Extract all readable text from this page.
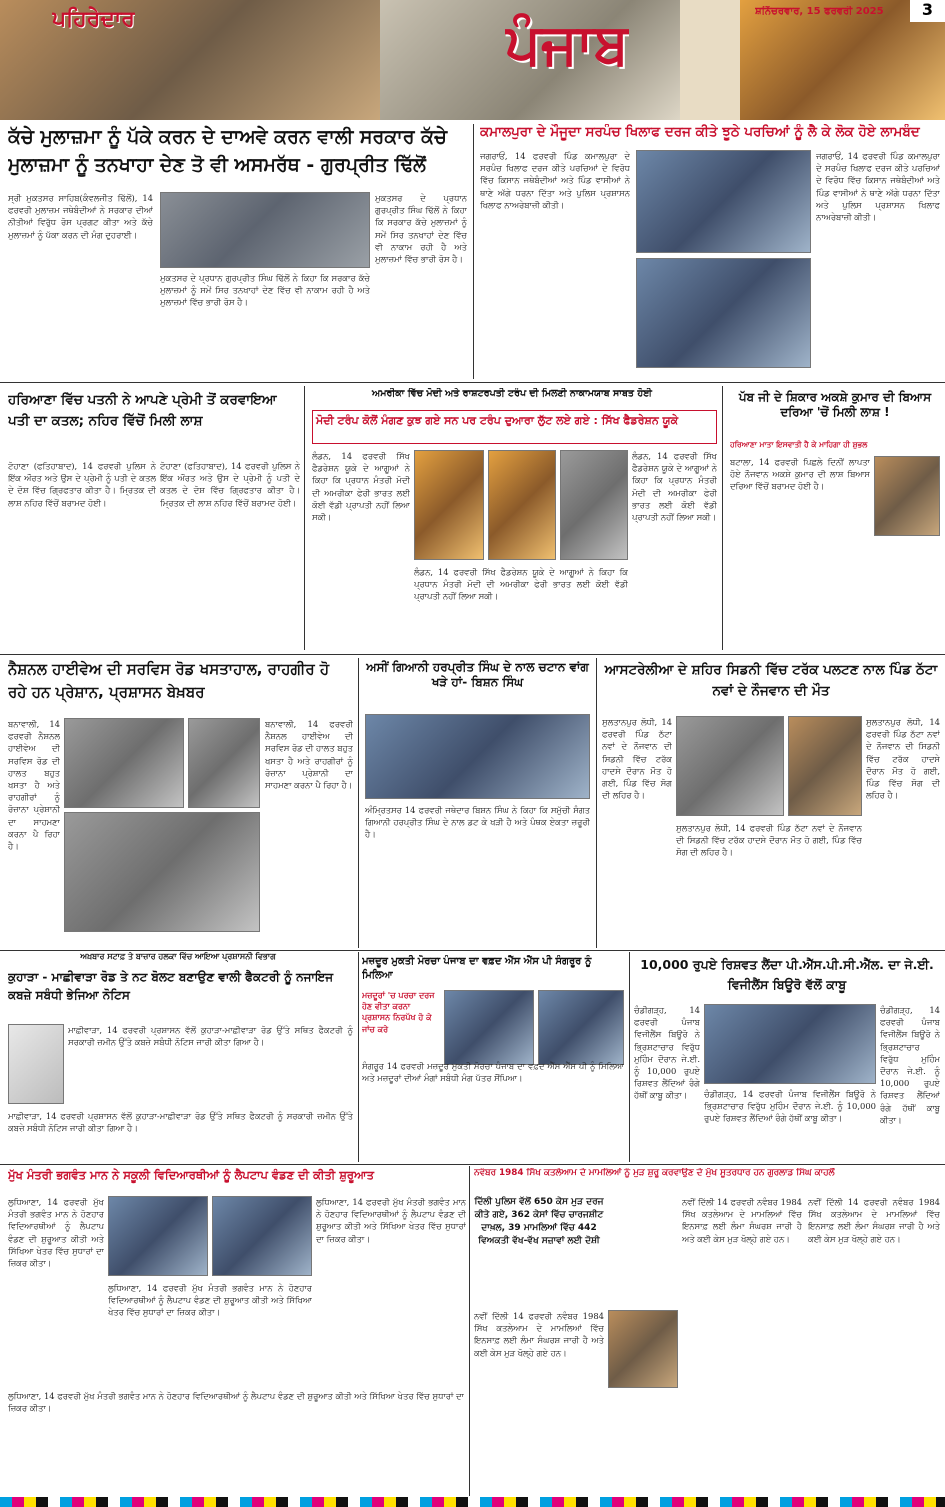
ਪਹਿਰੇਦਾਰ	ਪੰਜਾਬ
ਸ਼ਨਿੱਚਰਵਾਰ, 15 ਫਰਵਰੀ 2025	3
ਕੱਚੇ ਮੁਲਾਜ਼ਮਾ ਨੂੰ ਪੱਕੇ ਕਰਨ ਦੇ ਦਾਅਵੇ ਕਰਨ ਵਾਲੀ ਸਰਕਾਰ ਕੱਚੇ ਮੁਲਾਜ਼ਮਾ ਨੂੰ ਤਨਖਾਹਾ ਦੇਣ ਤੋ ਵੀ ਅਸਮਰੱਥ - ਗੁਰਪ੍ਰੀਤ ਢਿੱਲੋਂ
ਸ੍ਰੀ ਮੁਕਤਸਰ ਸਾਹਿਬ(ਕੰਵਲਜੀਤ ਢਿੱਲੋਂ), 14 ਫਰਵਰੀ ਮੁਲਾਜ਼ਮ ਜਥੇਬੰਦੀਆਂ ਨੇ ਸਰਕਾਰ ਦੀਆਂ ਨੀਤੀਆਂ ਵਿਰੁੱਧ ਰੋਸ ਪ੍ਰਗਟ ਕੀਤਾ ਅਤੇ ਕੱਚੇ ਮੁਲਾਜ਼ਮਾਂ ਨੂੰ ਪੱਕਾ ਕਰਨ ਦੀ ਮੰਗ ਦੁਹਰਾਈ।
ਮੁਕਤਸਰ ਦੇ ਪ੍ਰਧਾਨ ਗੁਰਪ੍ਰੀਤ ਸਿੰਘ ਢਿੱਲੋਂ ਨੇ ਕਿਹਾ ਕਿ ਸਰਕਾਰ ਕੱਚੇ ਮੁਲਾਜ਼ਮਾਂ ਨੂੰ ਸਮੇਂ ਸਿਰ ਤਨਖਾਹਾਂ ਦੇਣ ਵਿੱਚ ਵੀ ਨਾਕਾਮ ਰਹੀ ਹੈ ਅਤੇ ਮੁਲਾਜ਼ਮਾਂ ਵਿੱਚ ਭਾਰੀ ਰੋਸ ਹੈ।
ਮੁਕਤਸਰ ਦੇ ਪ੍ਰਧਾਨ ਗੁਰਪ੍ਰੀਤ ਸਿੰਘ ਢਿੱਲੋਂ ਨੇ ਕਿਹਾ ਕਿ ਸਰਕਾਰ ਕੱਚੇ ਮੁਲਾਜ਼ਮਾਂ ਨੂੰ ਸਮੇਂ ਸਿਰ ਤਨਖਾਹਾਂ ਦੇਣ ਵਿੱਚ ਵੀ ਨਾਕਾਮ ਰਹੀ ਹੈ ਅਤੇ ਮੁਲਾਜ਼ਮਾਂ ਵਿੱਚ ਭਾਰੀ ਰੋਸ ਹੈ।
ਕਮਾਲਪੁਰਾ ਦੇ ਮੌਜੂਦਾ ਸਰਪੰਚ ਖਿਲਾਫ ਦਰਜ ਕੀਤੇ ਝੂਠੇ ਪਰਚਿਆਂ ਨੂੰ ਲੈ ਕੇ ਲੋਕ ਹੋਏ ਲਾਮਬੰਦ
ਜਗਰਾਓਂ, 14 ਫਰਵਰੀ ਪਿੰਡ ਕਮਾਲਪੁਰਾ ਦੇ ਸਰਪੰਚ ਖਿਲਾਫ ਦਰਜ ਕੀਤੇ ਪਰਚਿਆਂ ਦੇ ਵਿਰੋਧ ਵਿੱਚ ਕਿਸਾਨ ਜਥੇਬੰਦੀਆਂ ਅਤੇ ਪਿੰਡ ਵਾਸੀਆਂ ਨੇ ਥਾਣੇ ਅੱਗੇ ਧਰਨਾ ਦਿੱਤਾ ਅਤੇ ਪੁਲਿਸ ਪ੍ਰਸ਼ਾਸਨ ਖਿਲਾਫ ਨਾਅਰੇਬਾਜ਼ੀ ਕੀਤੀ।
ਜਗਰਾਓਂ, 14 ਫਰਵਰੀ ਪਿੰਡ ਕਮਾਲਪੁਰਾ ਦੇ ਸਰਪੰਚ ਖਿਲਾਫ ਦਰਜ ਕੀਤੇ ਪਰਚਿਆਂ ਦੇ ਵਿਰੋਧ ਵਿੱਚ ਕਿਸਾਨ ਜਥੇਬੰਦੀਆਂ ਅਤੇ ਪਿੰਡ ਵਾਸੀਆਂ ਨੇ ਥਾਣੇ ਅੱਗੇ ਧਰਨਾ ਦਿੱਤਾ ਅਤੇ ਪੁਲਿਸ ਪ੍ਰਸ਼ਾਸਨ ਖਿਲਾਫ ਨਾਅਰੇਬਾਜ਼ੀ ਕੀਤੀ।
ਹਰਿਆਣਾ ਵਿੱਚ ਪਤਨੀ ਨੇ ਆਪਣੇ ਪ੍ਰੇਮੀ ਤੋਂ ਕਰਵਾਇਆ ਪਤੀ ਦਾ ਕਤਲ; ਨਹਿਰ ਵਿੱਚੋਂ ਮਿਲੀ ਲਾਸ਼
ਟੋਹਾਣਾ (ਫਤਿਹਾਬਾਦ), 14 ਫਰਵਰੀ ਪੁਲਿਸ ਨੇ ਇੱਕ ਔਰਤ ਅਤੇ ਉਸ ਦੇ ਪ੍ਰੇਮੀ ਨੂੰ ਪਤੀ ਦੇ ਕਤਲ ਦੇ ਦੋਸ਼ ਵਿੱਚ ਗ੍ਰਿਫਤਾਰ ਕੀਤਾ ਹੈ। ਮ੍ਰਿਤਕ ਦੀ ਲਾਸ਼ ਨਹਿਰ ਵਿੱਚੋਂ ਬਰਾਮਦ ਹੋਈ।
ਟੋਹਾਣਾ (ਫਤਿਹਾਬਾਦ), 14 ਫਰਵਰੀ ਪੁਲਿਸ ਨੇ ਇੱਕ ਔਰਤ ਅਤੇ ਉਸ ਦੇ ਪ੍ਰੇਮੀ ਨੂੰ ਪਤੀ ਦੇ ਕਤਲ ਦੇ ਦੋਸ਼ ਵਿੱਚ ਗ੍ਰਿਫਤਾਰ ਕੀਤਾ ਹੈ। ਮ੍ਰਿਤਕ ਦੀ ਲਾਸ਼ ਨਹਿਰ ਵਿੱਚੋਂ ਬਰਾਮਦ ਹੋਈ।
ਅਮਰੀਕਾ ਵਿੱਚ ਮੋਦੀ ਅਤੇ ਰਾਸ਼ਟਰਪਤੀ ਟਰੰਪ ਦੀ ਮਿਲਣੀ ਨਾਕਾਮਯਾਬ ਸਾਬਤ ਹੋਈ
ਮੋਦੀ ਟਰੰਪ ਕੋਲੋਂ ਮੰਗਣ ਕੁਝ ਗਏ ਸਨ ਪਰ ਟਰੰਪ ਦੁਆਰਾ ਲੁੱਟ ਲਏ ਗਏ : ਸਿੱਖ ਫੈਡਰੇਸ਼ਨ ਯੂਕੇ
ਲੰਡਨ, 14 ਫਰਵਰੀ ਸਿੱਖ ਫੈਡਰੇਸ਼ਨ ਯੂਕੇ ਦੇ ਆਗੂਆਂ ਨੇ ਕਿਹਾ ਕਿ ਪ੍ਰਧਾਨ ਮੰਤਰੀ ਮੋਦੀ ਦੀ ਅਮਰੀਕਾ ਫੇਰੀ ਭਾਰਤ ਲਈ ਕੋਈ ਵੱਡੀ ਪ੍ਰਾਪਤੀ ਨਹੀਂ ਲਿਆ ਸਕੀ।
ਲੰਡਨ, 14 ਫਰਵਰੀ ਸਿੱਖ ਫੈਡਰੇਸ਼ਨ ਯੂਕੇ ਦੇ ਆਗੂਆਂ ਨੇ ਕਿਹਾ ਕਿ ਪ੍ਰਧਾਨ ਮੰਤਰੀ ਮੋਦੀ ਦੀ ਅਮਰੀਕਾ ਫੇਰੀ ਭਾਰਤ ਲਈ ਕੋਈ ਵੱਡੀ ਪ੍ਰਾਪਤੀ ਨਹੀਂ ਲਿਆ ਸਕੀ।
ਲੰਡਨ, 14 ਫਰਵਰੀ ਸਿੱਖ ਫੈਡਰੇਸ਼ਨ ਯੂਕੇ ਦੇ ਆਗੂਆਂ ਨੇ ਕਿਹਾ ਕਿ ਪ੍ਰਧਾਨ ਮੰਤਰੀ ਮੋਦੀ ਦੀ ਅਮਰੀਕਾ ਫੇਰੀ ਭਾਰਤ ਲਈ ਕੋਈ ਵੱਡੀ ਪ੍ਰਾਪਤੀ ਨਹੀਂ ਲਿਆ ਸਕੀ।
ਪੱਬ ਜੀ ਦੇ ਸ਼ਿਕਾਰ ਅਕਸ਼ੇ ਕੁਮਾਰ ਦੀ ਬਿਆਸ ਦਰਿਆ 'ਚੋਂ ਮਿਲੀ ਲਾਸ਼ !
ਹਰਿਆਣਾ ਮਾਤਾ ਇਸਵਾਤੀ ਹੈ ਕੇ ਮਾਹਿਗਾ ਹੀ ਸ਼ੁਭਲ
ਬਟਾਲਾ, 14 ਫਰਵਰੀ ਪਿਛਲੇ ਦਿਨੀਂ ਲਾਪਤਾ ਹੋਏ ਨੌਜਵਾਨ ਅਕਸ਼ੇ ਕੁਮਾਰ ਦੀ ਲਾਸ਼ ਬਿਆਸ ਦਰਿਆ ਵਿੱਚੋਂ ਬਰਾਮਦ ਹੋਈ ਹੈ।
ਨੈਸ਼ਨਲ ਹਾਈਵੇਅ ਦੀ ਸਰਵਿਸ ਰੋਡ ਖਸਤਾਹਾਲ, ਰਾਹਗੀਰ ਹੋ ਰਹੇ ਹਨ ਪ੍ਰੇਸ਼ਾਨ, ਪ੍ਰਸ਼ਾਸਨ ਬੇਖ਼ਬਰ
ਬਨਾਵਾਲੀ, 14 ਫਰਵਰੀ ਨੈਸ਼ਨਲ ਹਾਈਵੇਅ ਦੀ ਸਰਵਿਸ ਰੋਡ ਦੀ ਹਾਲਤ ਬਹੁਤ ਖਸਤਾ ਹੈ ਅਤੇ ਰਾਹਗੀਰਾਂ ਨੂੰ ਰੋਜ਼ਾਨਾ ਪ੍ਰੇਸ਼ਾਨੀ ਦਾ ਸਾਹਮਣਾ ਕਰਨਾ ਪੈ ਰਿਹਾ ਹੈ।
ਬਨਾਵਾਲੀ, 14 ਫਰਵਰੀ ਨੈਸ਼ਨਲ ਹਾਈਵੇਅ ਦੀ ਸਰਵਿਸ ਰੋਡ ਦੀ ਹਾਲਤ ਬਹੁਤ ਖਸਤਾ ਹੈ ਅਤੇ ਰਾਹਗੀਰਾਂ ਨੂੰ ਰੋਜ਼ਾਨਾ ਪ੍ਰੇਸ਼ਾਨੀ ਦਾ ਸਾਹਮਣਾ ਕਰਨਾ ਪੈ ਰਿਹਾ ਹੈ।
ਅਸੀਂ ਗਿਆਨੀ ਹਰਪ੍ਰੀਤ ਸਿੰਘ ਦੇ ਨਾਲ ਚਟਾਨ ਵਾਂਗ ਖੜੇ ਹਾਂ- ਬਿਸ਼ਨ ਸਿੰਘ
ਅੰਮ੍ਰਿਤਸਰ 14 ਫਰਵਰੀ ਜਥੇਦਾਰ ਬਿਸ਼ਨ ਸਿੰਘ ਨੇ ਕਿਹਾ ਕਿ ਸਮੁੱਚੀ ਸੰਗਤ ਗਿਆਨੀ ਹਰਪ੍ਰੀਤ ਸਿੰਘ ਦੇ ਨਾਲ ਡਟ ਕੇ ਖੜੀ ਹੈ ਅਤੇ ਪੰਥਕ ਏਕਤਾ ਜ਼ਰੂਰੀ ਹੈ।
ਆਸਟਰੇਲੀਆ ਦੇ ਸ਼ਹਿਰ ਸਿਡਨੀ ਵਿੱਚ ਟਰੱਕ ਪਲਟਣ ਨਾਲ ਪਿੰਡ ਠੱਟਾ ਨਵਾਂ ਦੇ ਨੌਜਵਾਨ ਦੀ ਮੌਤ
ਸੁਲਤਾਨਪੁਰ ਲੋਧੀ, 14 ਫਰਵਰੀ ਪਿੰਡ ਠੱਟਾ ਨਵਾਂ ਦੇ ਨੌਜਵਾਨ ਦੀ ਸਿਡਨੀ ਵਿੱਚ ਟਰੱਕ ਹਾਦਸੇ ਦੌਰਾਨ ਮੌਤ ਹੋ ਗਈ, ਪਿੰਡ ਵਿੱਚ ਸੋਗ ਦੀ ਲਹਿਰ ਹੈ।
ਸੁਲਤਾਨਪੁਰ ਲੋਧੀ, 14 ਫਰਵਰੀ ਪਿੰਡ ਠੱਟਾ ਨਵਾਂ ਦੇ ਨੌਜਵਾਨ ਦੀ ਸਿਡਨੀ ਵਿੱਚ ਟਰੱਕ ਹਾਦਸੇ ਦੌਰਾਨ ਮੌਤ ਹੋ ਗਈ, ਪਿੰਡ ਵਿੱਚ ਸੋਗ ਦੀ ਲਹਿਰ ਹੈ।
ਸੁਲਤਾਨਪੁਰ ਲੋਧੀ, 14 ਫਰਵਰੀ ਪਿੰਡ ਠੱਟਾ ਨਵਾਂ ਦੇ ਨੌਜਵਾਨ ਦੀ ਸਿਡਨੀ ਵਿੱਚ ਟਰੱਕ ਹਾਦਸੇ ਦੌਰਾਨ ਮੌਤ ਹੋ ਗਈ, ਪਿੰਡ ਵਿੱਚ ਸੋਗ ਦੀ ਲਹਿਰ ਹੈ।
ਅਖ਼ਬਾਰ ਸਟਾਫ਼ ਤੇ ਬਾਜ਼ਾਰ ਹਲਕਾ ਵਿੱਚ ਆਇਆ ਪ੍ਰਸ਼ਾਸਨੀ ਵਿਭਾਗ
ਕੁਹਾੜਾ - ਮਾਛੀਵਾੜਾ ਰੋਡ ਤੇ ਨਟ ਬੋਲਟ ਬਣਾਉਣ ਵਾਲੀ ਫੈਕਟਰੀ ਨੂੰ ਨਜਾਇਜ ਕਬਜ਼ੇ ਸਬੰਧੀ ਭੇਜਿਆ ਨੋਟਿਸ
ਮਾਛੀਵਾੜਾ, 14 ਫਰਵਰੀ ਪ੍ਰਸ਼ਾਸਨ ਵੱਲੋਂ ਕੁਹਾੜਾ-ਮਾਛੀਵਾੜਾ ਰੋਡ ਉੱਤੇ ਸਥਿਤ ਫੈਕਟਰੀ ਨੂੰ ਸਰਕਾਰੀ ਜ਼ਮੀਨ ਉੱਤੇ ਕਬਜ਼ੇ ਸਬੰਧੀ ਨੋਟਿਸ ਜਾਰੀ ਕੀਤਾ ਗਿਆ ਹੈ।
ਮਾਛੀਵਾੜਾ, 14 ਫਰਵਰੀ ਪ੍ਰਸ਼ਾਸਨ ਵੱਲੋਂ ਕੁਹਾੜਾ-ਮਾਛੀਵਾੜਾ ਰੋਡ ਉੱਤੇ ਸਥਿਤ ਫੈਕਟਰੀ ਨੂੰ ਸਰਕਾਰੀ ਜ਼ਮੀਨ ਉੱਤੇ ਕਬਜ਼ੇ ਸਬੰਧੀ ਨੋਟਿਸ ਜਾਰੀ ਕੀਤਾ ਗਿਆ ਹੈ।
ਮਜ਼ਦੂਰ ਮੁਕਤੀ ਮੋਰਚਾ ਪੰਜਾਬ ਦਾ ਵਫ਼ਦ ਐੱਸ ਐੱਸ ਪੀ ਸੰਗਰੂਰ ਨੂੰ ਮਿਲਿਆ
ਮਜ਼ਦੂਰਾਂ 'ਚ ਪਰਚਾ ਦਰਜ ਹੋਣ ਵੀਤਾ ਕਰਨਾ ਪ੍ਰਸ਼ਾਸਨ ਨਿਰਪੱਖ ਹੋ ਕੇ ਜਾਂਚ ਕਰੇ
ਸੰਗਰੂਰ 14 ਫਰਵਰੀ ਮਜ਼ਦੂਰ ਮੁਕਤੀ ਮੋਰਚਾ ਪੰਜਾਬ ਦਾ ਵਫ਼ਦ ਐੱਸ ਐੱਸ ਪੀ ਨੂੰ ਮਿਲਿਆ ਅਤੇ ਮਜ਼ਦੂਰਾਂ ਦੀਆਂ ਮੰਗਾਂ ਸਬੰਧੀ ਮੰਗ ਪੱਤਰ ਸੌਂਪਿਆ।
10,000 ਰੁਪਏ ਰਿਸ਼ਵਤ ਲੈਂਦਾ ਪੀ.ਐੱਸ.ਪੀ.ਸੀ.ਐੱਲ. ਦਾ ਜੇ.ਈ. ਵਿਜੀਲੈਂਸ ਬਿਊਰੋ ਵੱਲੋਂ ਕਾਬੂ
ਚੰਡੀਗੜ੍ਹ, 14 ਫਰਵਰੀ ਪੰਜਾਬ ਵਿਜੀਲੈਂਸ ਬਿਊਰੋ ਨੇ ਭ੍ਰਿਸ਼ਟਾਚਾਰ ਵਿਰੁੱਧ ਮੁਹਿੰਮ ਦੌਰਾਨ ਜੇ.ਈ. ਨੂੰ 10,000 ਰੁਪਏ ਰਿਸ਼ਵਤ ਲੈਂਦਿਆਂ ਰੰਗੇ ਹੱਥੀਂ ਕਾਬੂ ਕੀਤਾ।
ਚੰਡੀਗੜ੍ਹ, 14 ਫਰਵਰੀ ਪੰਜਾਬ ਵਿਜੀਲੈਂਸ ਬਿਊਰੋ ਨੇ ਭ੍ਰਿਸ਼ਟਾਚਾਰ ਵਿਰੁੱਧ ਮੁਹਿੰਮ ਦੌਰਾਨ ਜੇ.ਈ. ਨੂੰ 10,000 ਰੁਪਏ ਰਿਸ਼ਵਤ ਲੈਂਦਿਆਂ ਰੰਗੇ ਹੱਥੀਂ ਕਾਬੂ ਕੀਤਾ।
ਚੰਡੀਗੜ੍ਹ, 14 ਫਰਵਰੀ ਪੰਜਾਬ ਵਿਜੀਲੈਂਸ ਬਿਊਰੋ ਨੇ ਭ੍ਰਿਸ਼ਟਾਚਾਰ ਵਿਰੁੱਧ ਮੁਹਿੰਮ ਦੌਰਾਨ ਜੇ.ਈ. ਨੂੰ 10,000 ਰੁਪਏ ਰਿਸ਼ਵਤ ਲੈਂਦਿਆਂ ਰੰਗੇ ਹੱਥੀਂ ਕਾਬੂ ਕੀਤਾ।
ਮੁੱਖ ਮੰਤਰੀ ਭਗਵੰਤ ਮਾਨ ਨੇ ਸਕੂਲੀ ਵਿਦਿਆਰਥੀਆਂ ਨੂੰ ਲੈਪਟਾਪ ਵੰਡਣ ਦੀ ਕੀਤੀ ਸ਼ੁਰੂਆਤ
ਲੁਧਿਆਣਾ, 14 ਫਰਵਰੀ ਮੁੱਖ ਮੰਤਰੀ ਭਗਵੰਤ ਮਾਨ ਨੇ ਹੋਣਹਾਰ ਵਿਦਿਆਰਥੀਆਂ ਨੂੰ ਲੈਪਟਾਪ ਵੰਡਣ ਦੀ ਸ਼ੁਰੂਆਤ ਕੀਤੀ ਅਤੇ ਸਿੱਖਿਆ ਖੇਤਰ ਵਿੱਚ ਸੁਧਾਰਾਂ ਦਾ ਜ਼ਿਕਰ ਕੀਤਾ।
ਲੁਧਿਆਣਾ, 14 ਫਰਵਰੀ ਮੁੱਖ ਮੰਤਰੀ ਭਗਵੰਤ ਮਾਨ ਨੇ ਹੋਣਹਾਰ ਵਿਦਿਆਰਥੀਆਂ ਨੂੰ ਲੈਪਟਾਪ ਵੰਡਣ ਦੀ ਸ਼ੁਰੂਆਤ ਕੀਤੀ ਅਤੇ ਸਿੱਖਿਆ ਖੇਤਰ ਵਿੱਚ ਸੁਧਾਰਾਂ ਦਾ ਜ਼ਿਕਰ ਕੀਤਾ।
ਲੁਧਿਆਣਾ, 14 ਫਰਵਰੀ ਮੁੱਖ ਮੰਤਰੀ ਭਗਵੰਤ ਮਾਨ ਨੇ ਹੋਣਹਾਰ ਵਿਦਿਆਰਥੀਆਂ ਨੂੰ ਲੈਪਟਾਪ ਵੰਡਣ ਦੀ ਸ਼ੁਰੂਆਤ ਕੀਤੀ ਅਤੇ ਸਿੱਖਿਆ ਖੇਤਰ ਵਿੱਚ ਸੁਧਾਰਾਂ ਦਾ ਜ਼ਿਕਰ ਕੀਤਾ।
ਲੁਧਿਆਣਾ, 14 ਫਰਵਰੀ ਮੁੱਖ ਮੰਤਰੀ ਭਗਵੰਤ ਮਾਨ ਨੇ ਹੋਣਹਾਰ ਵਿਦਿਆਰਥੀਆਂ ਨੂੰ ਲੈਪਟਾਪ ਵੰਡਣ ਦੀ ਸ਼ੁਰੂਆਤ ਕੀਤੀ ਅਤੇ ਸਿੱਖਿਆ ਖੇਤਰ ਵਿੱਚ ਸੁਧਾਰਾਂ ਦਾ ਜ਼ਿਕਰ ਕੀਤਾ।
ਨਵੰਬਰ 1984 ਸਿੱਖ ਕਤਲੇਆਮ ਦੇ ਮਾਮਲਿਆਂ ਨੂੰ ਮੁੜ ਸ਼ੁਰੂ ਕਰਵਾਉਣ ਦੇ ਮੁੱਖ ਸੂਤਰਧਾਰ ਹਨ ਗੁਰਲਾਡ ਸਿੰਘ ਕਾਹਲੋਂ
ਦਿੱਲੀ ਪੁਲਿਸ ਵੱਲੋਂ 650 ਕੇਸ ਮੁੜ ਦਰਜ ਕੀਤੇ ਗਏ, 362 ਕੇਸਾਂ ਵਿੱਚ ਚਾਰਜਸ਼ੀਟ ਦਾਖ਼ਲ, 39 ਮਾਮਲਿਆਂ ਵਿੱਚ 442 ਵਿਅਕਤੀ ਵੱਖ-ਵੱਖ ਸਜ਼ਾਵਾਂ ਲਈ ਦੋਸ਼ੀ
ਨਵੀਂ ਦਿੱਲੀ 14 ਫਰਵਰੀ ਨਵੰਬਰ 1984 ਸਿੱਖ ਕਤਲੇਆਮ ਦੇ ਮਾਮਲਿਆਂ ਵਿੱਚ ਇਨਸਾਫ਼ ਲਈ ਲੰਮਾ ਸੰਘਰਸ਼ ਜਾਰੀ ਹੈ ਅਤੇ ਕਈ ਕੇਸ ਮੁੜ ਖੋਲ੍ਹੇ ਗਏ ਹਨ।
ਨਵੀਂ ਦਿੱਲੀ 14 ਫਰਵਰੀ ਨਵੰਬਰ 1984 ਸਿੱਖ ਕਤਲੇਆਮ ਦੇ ਮਾਮਲਿਆਂ ਵਿੱਚ ਇਨਸਾਫ਼ ਲਈ ਲੰਮਾ ਸੰਘਰਸ਼ ਜਾਰੀ ਹੈ ਅਤੇ ਕਈ ਕੇਸ ਮੁੜ ਖੋਲ੍ਹੇ ਗਏ ਹਨ।
ਨਵੀਂ ਦਿੱਲੀ 14 ਫਰਵਰੀ ਨਵੰਬਰ 1984 ਸਿੱਖ ਕਤਲੇਆਮ ਦੇ ਮਾਮਲਿਆਂ ਵਿੱਚ ਇਨਸਾਫ਼ ਲਈ ਲੰਮਾ ਸੰਘਰਸ਼ ਜਾਰੀ ਹੈ ਅਤੇ ਕਈ ਕੇਸ ਮੁੜ ਖੋਲ੍ਹੇ ਗਏ ਹਨ।
